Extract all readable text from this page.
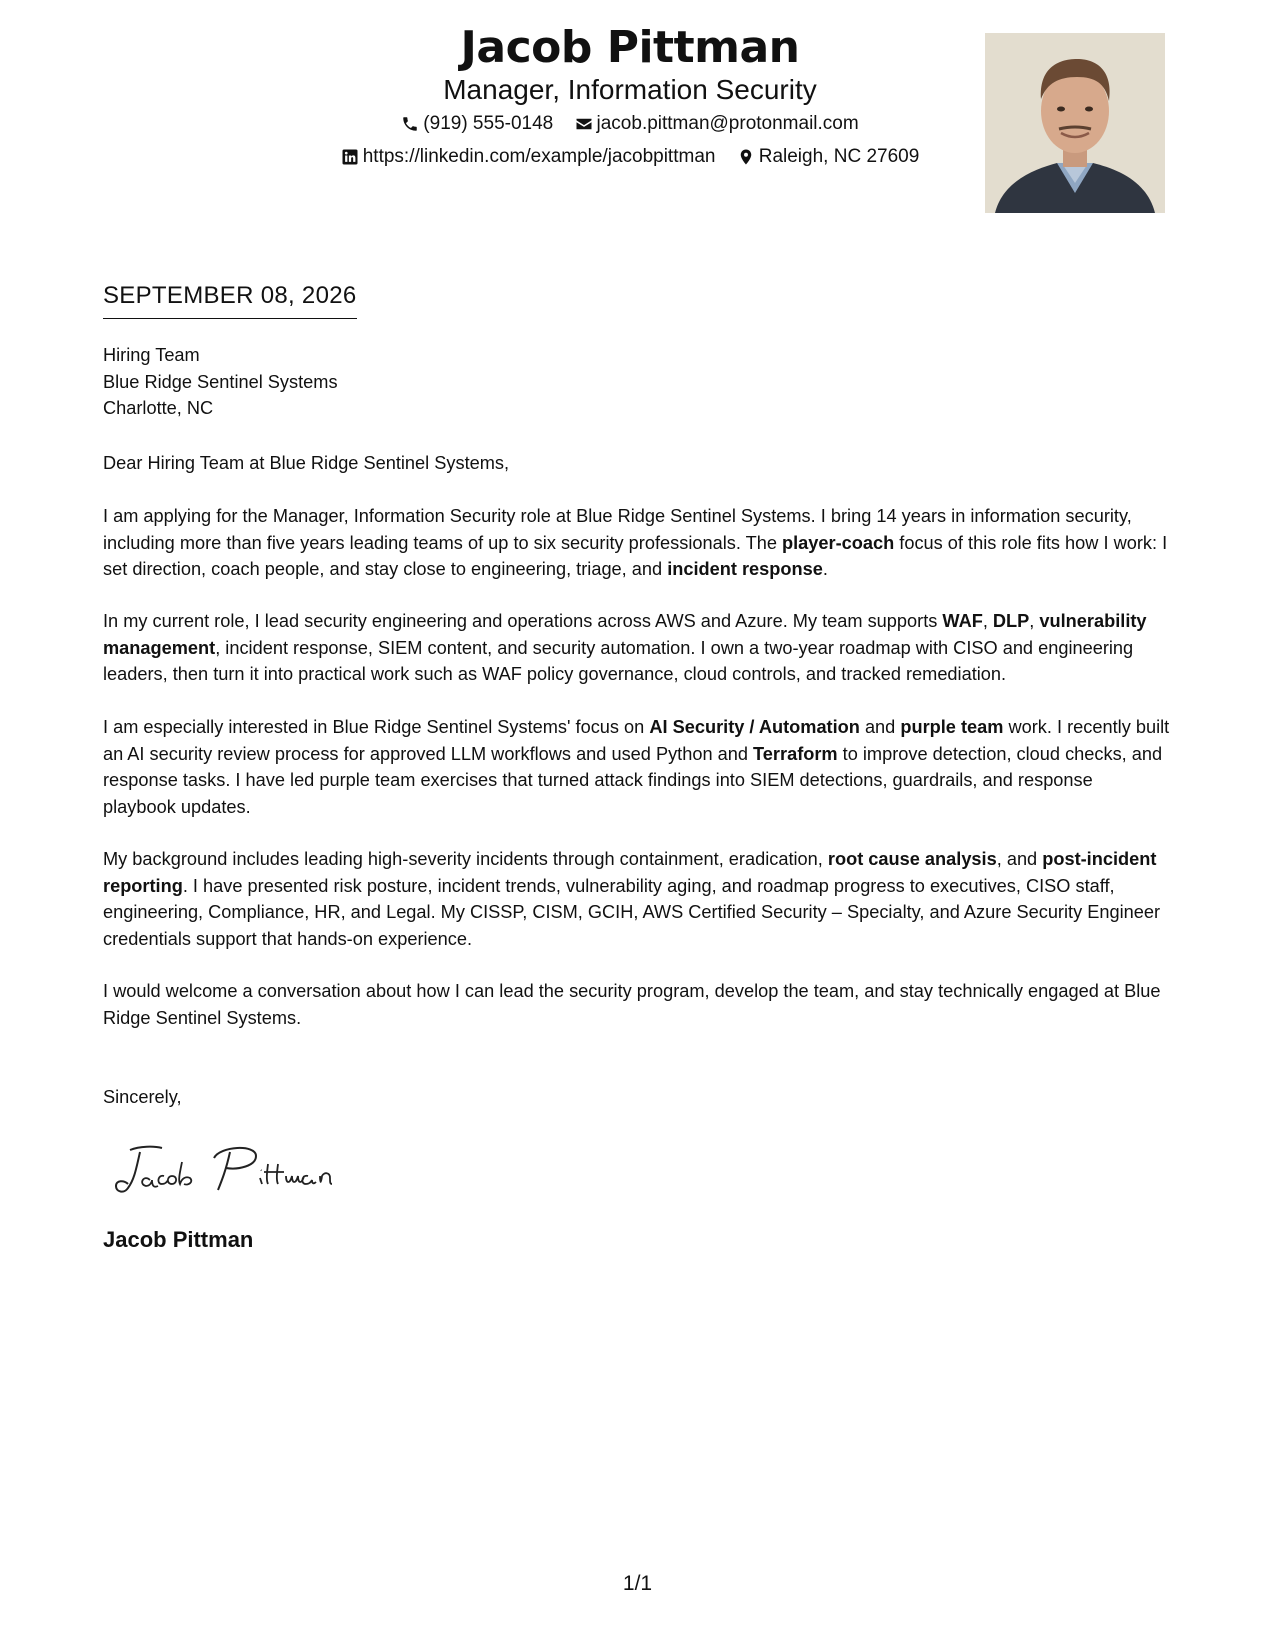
Jacob Pittman
Manager, Information Security
(919) 555-0148
jacob.pittman@protonmail.com
https://linkedin.com/example/jacobpittman
Raleigh, NC 27609
SEPTEMBER 08, 2026

Hiring Team

Blue Ridge Sentinel Systems

Charlotte, NC

Dear Hiring Team at Blue Ridge Sentinel Systems,
I am applying for the Manager, Information Security role at Blue Ridge Sentinel Systems. I bring 14 years in information security, including more than five years leading teams of up to six security professionals. The player-coach focus of this role fits how I work: I set direction, coach people, and stay close to engineering, triage, and incident response.
In my current role, I lead security engineering and operations across AWS and Azure. My team supports WAF, DLP, vulnerability management, incident response, SIEM content, and security automation. I own a two-year roadmap with CISO and engineering leaders, then turn it into practical work such as WAF policy governance, cloud controls, and tracked remediation.
I am especially interested in Blue Ridge Sentinel Systems' focus on AI Security / Automation and purple team work. I recently built an AI security review process for approved LLM workflows and used Python and Terraform to improve detection, cloud checks, and response tasks. I have led purple team exercises that turned attack findings into SIEM detections, guardrails, and response playbook updates.
My background includes leading high-severity incidents through containment, eradication, root cause analysis, and post-incident reporting. I have presented risk posture, incident trends, vulnerability aging, and roadmap progress to executives, CISO staff, engineering, Compliance, HR, and Legal. My CISSP, CISM, GCIH, AWS Certified Security – Specialty, and Azure Security Engineer credentials support that hands-on experience.
I would welcome a conversation about how I can lead the security program, develop the team, and stay technically engaged at Blue Ridge Sentinel Systems.
Sincerely,
Jacob Pittman
1/1
